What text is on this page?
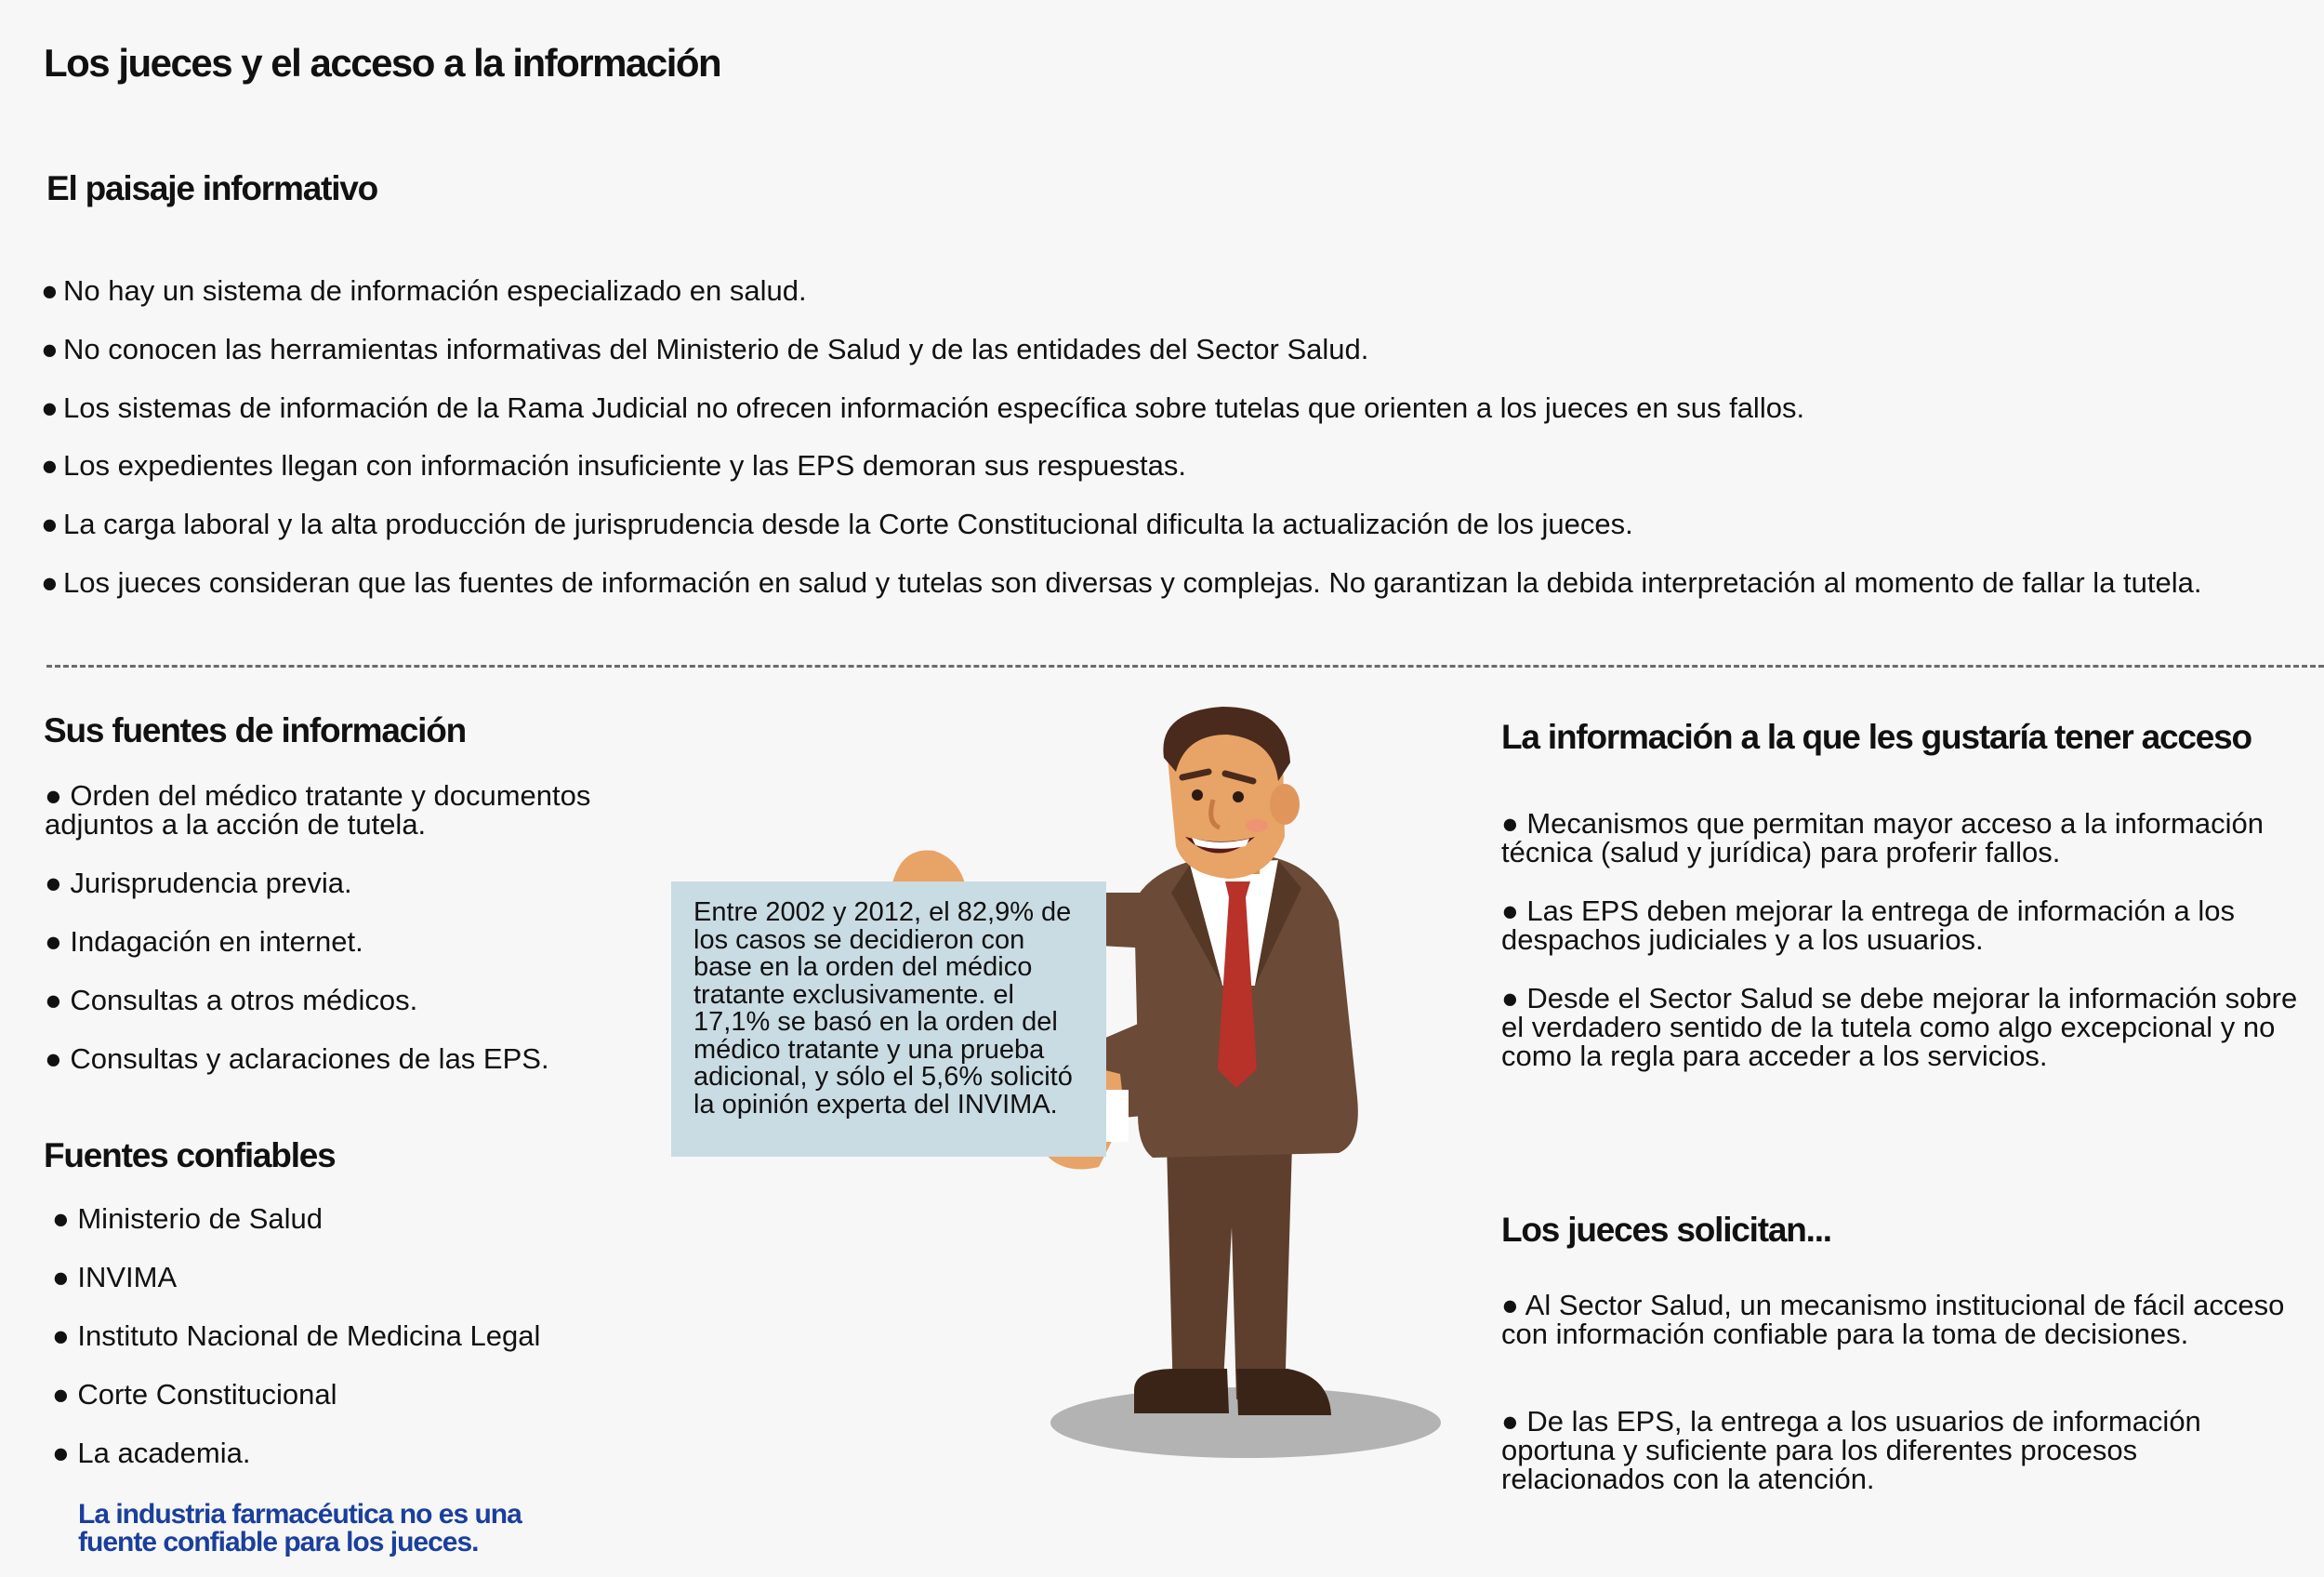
Los jueces y el acceso a la información
El paisaje informativo
● No hay un sistema de información especializado en salud.
● No conocen las herramientas informativas del Ministerio de Salud y de las entidades del Sector Salud.
● Los sistemas de información de la Rama Judicial no ofrecen información específica sobre tutelas que orienten a los jueces en sus fallos.
● Los expedientes llegan con información insuficiente y las EPS demoran sus respuestas.
● La carga laboral y la alta producción de jurisprudencia desde la Corte Constitucional dificulta la actualización de los jueces.
● Los jueces consideran que las fuentes de información en salud y tutelas son diversas y complejas. No garantizan la debida interpretación al momento de fallar la tutela.
Sus fuentes de información
● Orden del médico tratante y documentos adjuntos a la acción de tutela.
● Jurisprudencia previa.
● Indagación en internet.
● Consultas a otros médicos.
● Consultas y aclaraciones de las EPS.
Fuentes confiables
● Ministerio de Salud
● INVIMA
● Instituto Nacional de Medicina Legal
● Corte Constitucional
● La academia.
La industria farmacéutica no es una fuente confiable para los jueces.
Entre 2002 y 2012, el 82,9% de los casos se decidieron con base en la orden del médico tratante exclusivamente. el 17,1% se basó en la orden del médico tratante y una prueba adicional, y sólo el 5,6% solicitó la opinión experta del INVIMA.
La información a la que les gustaría tener acceso
● Mecanismos que permitan mayor acceso a la información técnica (salud y jurídica) para proferir fallos.
● Las EPS deben mejorar la entrega de información a los despachos judiciales y a los usuarios.
● Desde el Sector Salud se debe mejorar la información sobre el verdadero sentido de la tutela como algo excepcional y no como la regla para acceder a los servicios.
Los jueces solicitan...
● Al Sector Salud, un mecanismo institucional de fácil acceso con información confiable para la toma de decisiones.
● De las EPS, la entrega a los usuarios de información oportuna y suficiente para los diferentes procesos relacionados con la atención.
